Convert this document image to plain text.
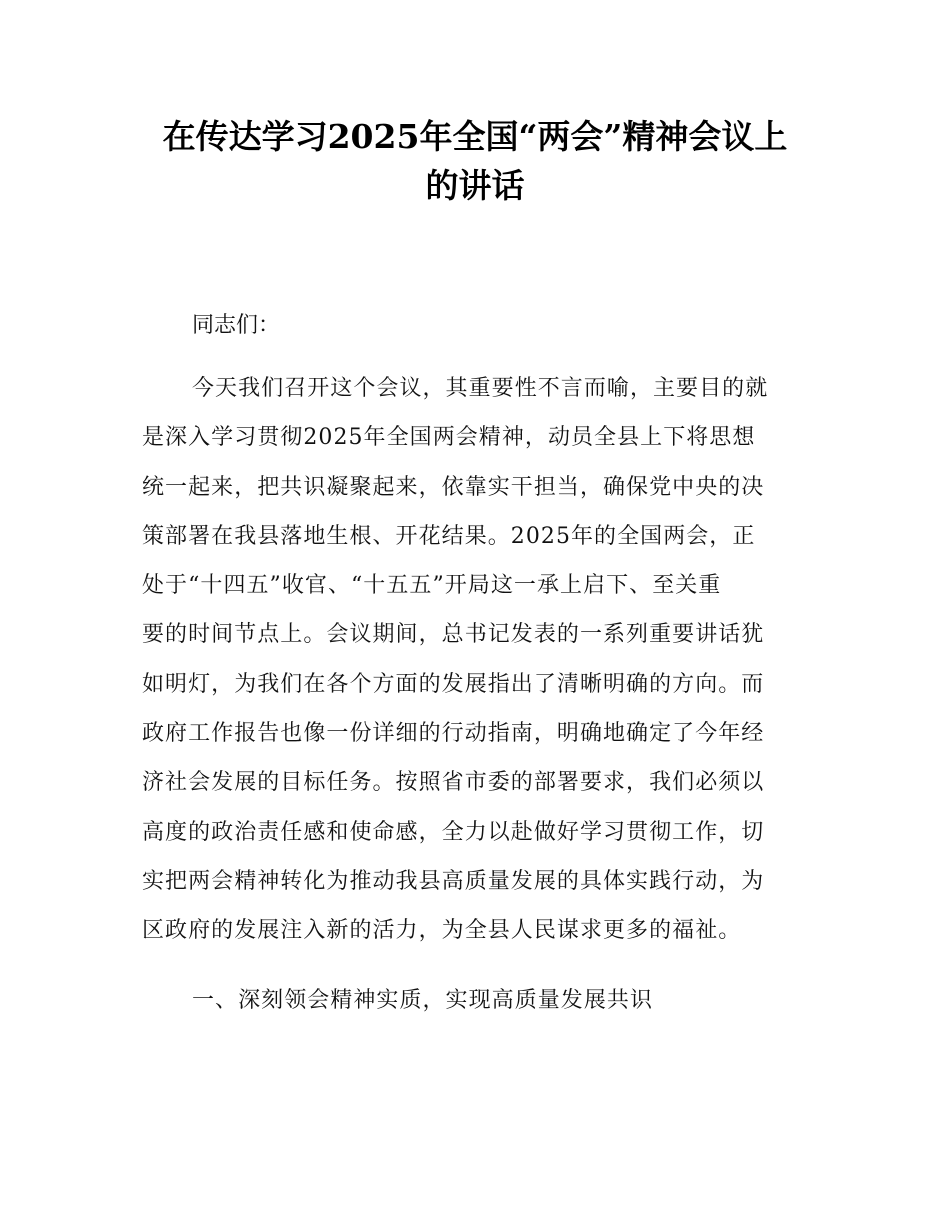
在传达学习2025年全国“两会”精神会议上
的讲话
同志们：
今天我们召开这个会议，其重要性不言而喻，主要目的就
是深入学习贯彻2025年全国两会精神，动员全县上下将思想
统一起来，把共识凝聚起来，依靠实干担当，确保党中央的决
策部署在我县落地生根、开花结果。2025年的全国两会，正
处于“十四五”收官、“十五五”开局这一承上启下、至关重
要的时间节点上。会议期间，总书记发表的一系列重要讲话犹
如明灯，为我们在各个方面的发展指出了清晰明确的方向。而
政府工作报告也像一份详细的行动指南，明确地确定了今年经
济社会发展的目标任务。按照省市委的部署要求，我们必须以
高度的政治责任感和使命感，全力以赴做好学习贯彻工作，切
实把两会精神转化为推动我县高质量发展的具体实践行动，为
区政府的发展注入新的活力，为全县人民谋求更多的福祉。
一、深刻领会精神实质，实现高质量发展共识
